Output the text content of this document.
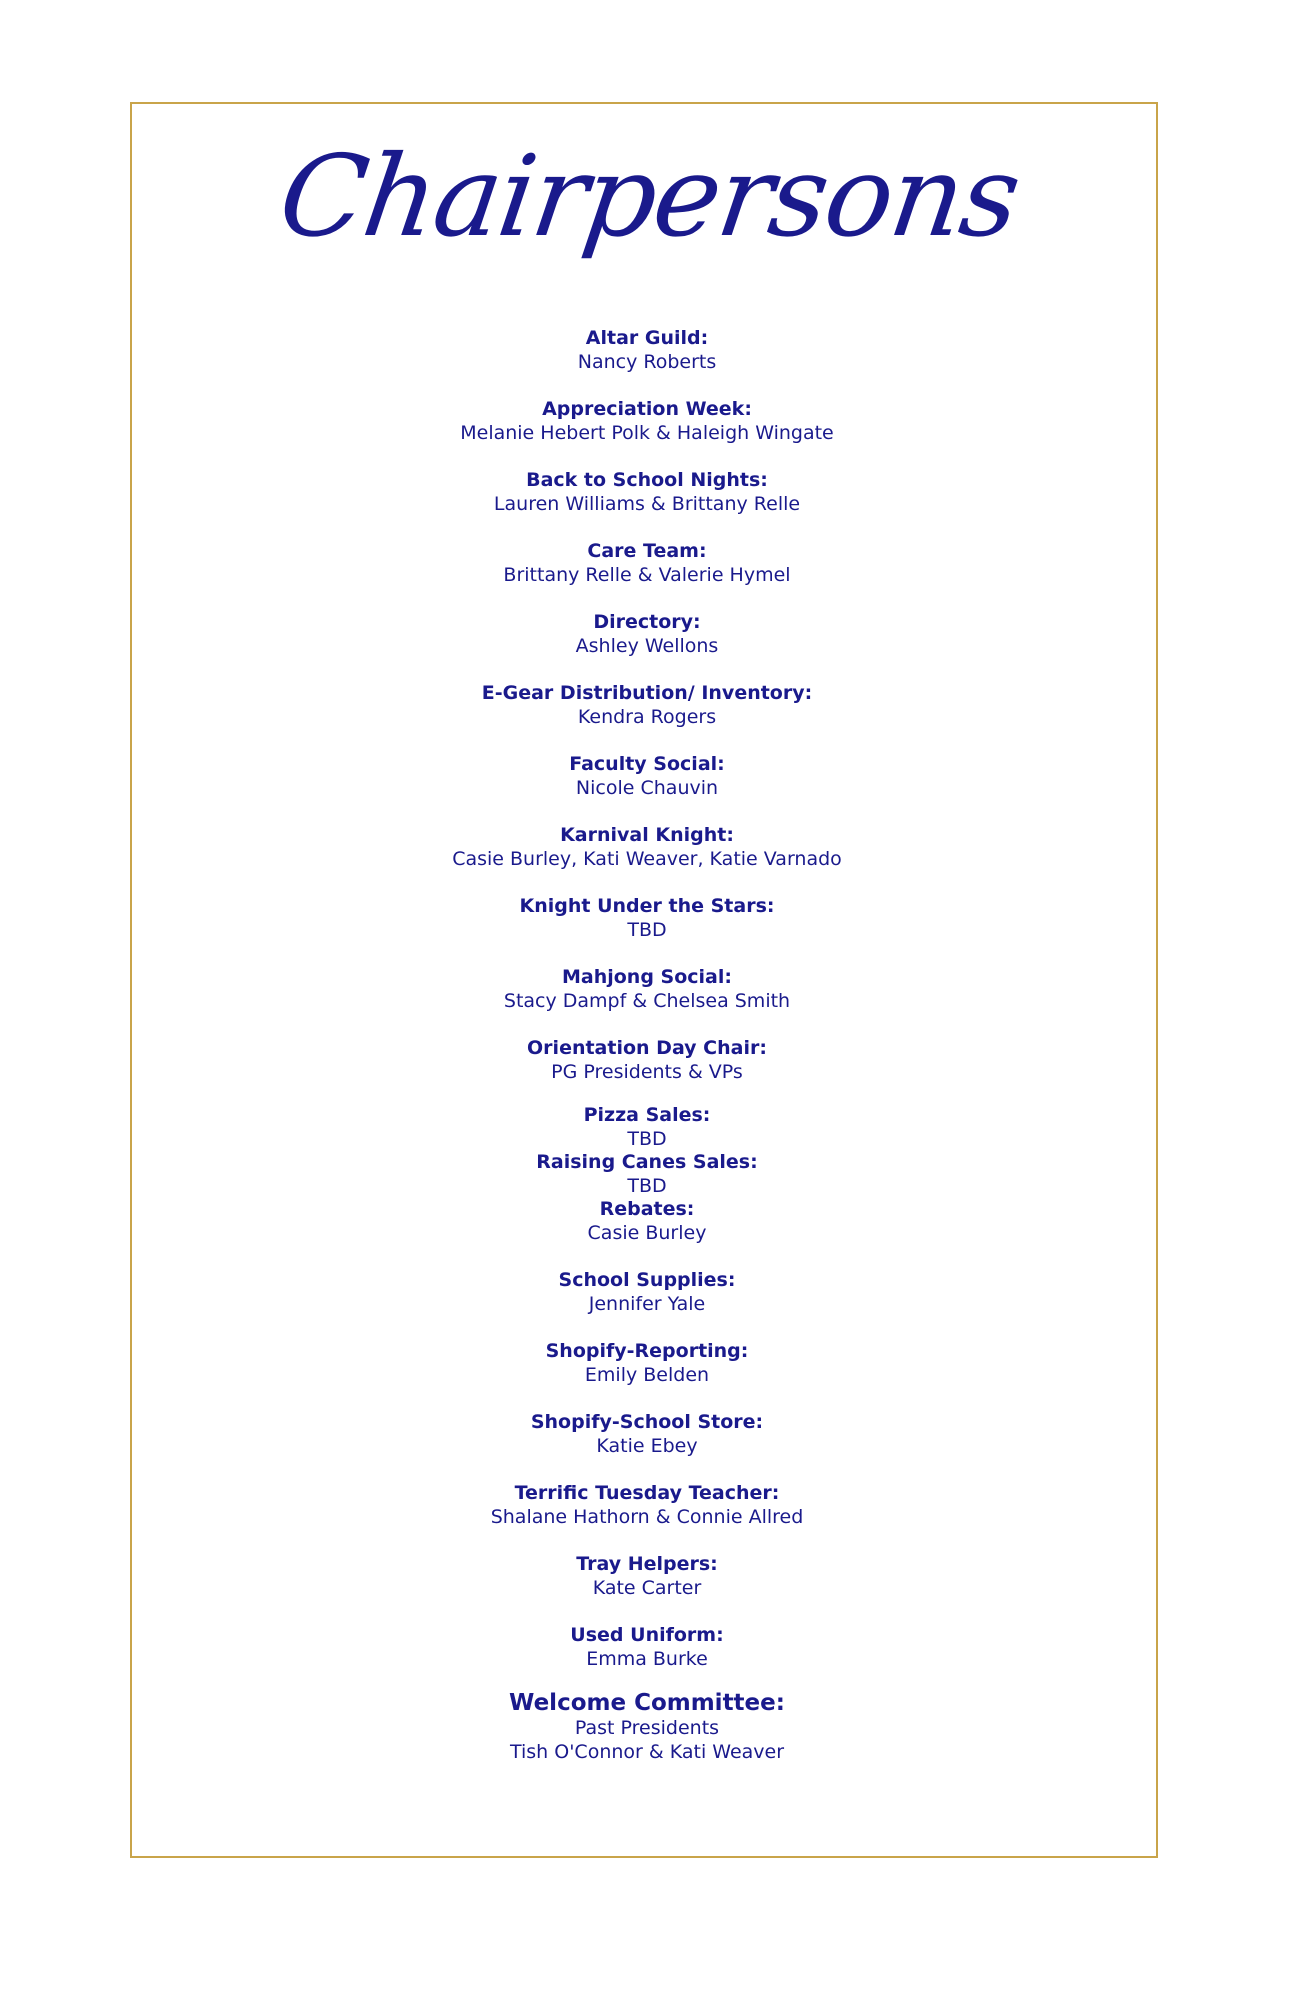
Chairpersons
Altar Guild:
Nancy Roberts
Appreciation Week:
Melanie Hebert Polk & Haleigh Wingate
Back to School Nights:
Lauren Williams & Brittany Relle
Care Team:
Brittany Relle & Valerie Hymel
Directory:
Ashley Wellons
E-Gear Distribution/ Inventory:
Kendra Rogers
Faculty Social:
Nicole Chauvin
Karnival Knight:
Casie Burley, Kati Weaver, Katie Varnado
Knight Under the Stars:
TBD
Mahjong Social:
Stacy Dampf & Chelsea Smith
Orientation Day Chair:
PG Presidents & VPs
Pizza Sales:
TBD
Raising Canes Sales:
TBD
Rebates:
Casie Burley
School Supplies:
Jennifer Yale
Shopify-Reporting:
Emily Belden
Shopify-School Store:
Katie Ebey
Terrific Tuesday Teacher:
Shalane Hathorn & Connie Allred
Tray Helpers:
Kate Carter
Used Uniform:
Emma Burke
Welcome Committee:
Past Presidents
Tish O'Connor & Kati Weaver
